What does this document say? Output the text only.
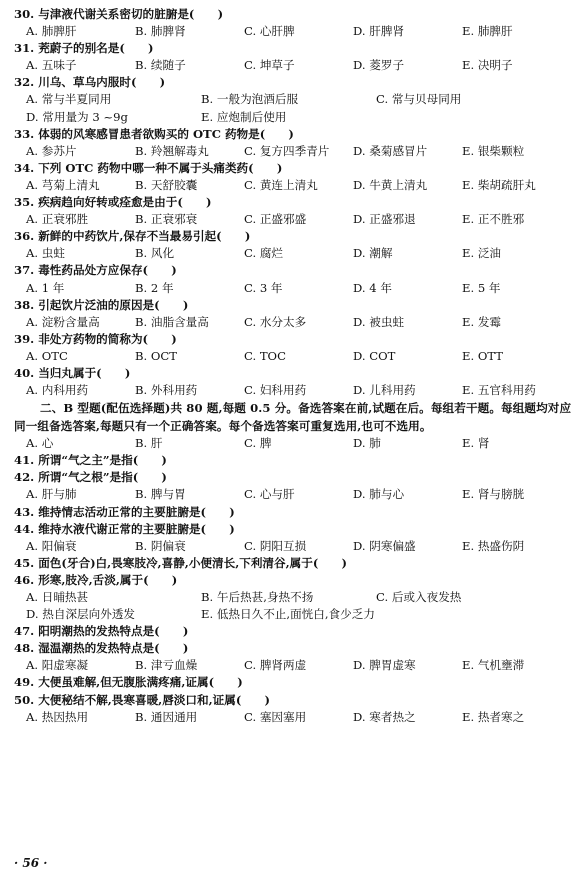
30. 与津液代谢关系密切的脏腑是(　　)
A. 肺脾肝	B. 肺脾肾	C. 心肝脾	D. 肝脾肾	E. 肺脾肝
31. 茺蔚子的别名是(　　)
A. 五味子	B. 续随子	C. 坤草子	D. 菱罗子	E. 决明子
32. 川乌、草乌内服时(　　)
A. 常与半夏同用	B. 一般为泡酒后服	C. 常与贝母同用
D. 常用量为 3 ~9g	E. 应炮制后使用
33. 体弱的风寒感冒患者欲购买的 OTC 药物是(　　)
A. 参苏片	B. 羚翘解毒丸	C. 复方四季青片	D. 桑菊感冒片	E. 银柴颗粒
34. 下列 OTC 药物中哪一种不属于头痛类药(　　)
A. 芎菊上清丸	B. 天舒胶囊	C. 黄连上清丸	D. 牛黄上清丸	E. 柴胡疏肝丸
35. 疾病趋向好转或痊愈是由于(　　)
A. 正衰邪胜	B. 正衰邪衰	C. 正盛邪盛	D. 正盛邪退	E. 正不胜邪
36. 新鲜的中药饮片,保存不当最易引起(　　)
A. 虫蛀	B. 风化	C. 腐烂	D. 潮解	E. 泛油
37. 毒性药品处方应保存(　　)
A. 1 年	B. 2 年	C. 3 年	D. 4 年	E. 5 年
38. 引起饮片泛油的原因是(　　)
A. 淀粉含量高	B. 油脂含量高	C. 水分太多	D. 被虫蛀	E. 发霉
39. 非处方药物的简称为(　　)
A. OTC	B. OCT	C. TOC	D. COT	E. OTT
40. 当归丸属于(　　)
A. 内科用药	B. 外科用药	C. 妇科用药	D. 儿科用药	E. 五官科用药
二、B 型题(配伍选择题)共 80 题,每题 0.5 分。备选答案在前,试题在后。每组若干题。每组题均对应同一组备选答案,每题只有一个正确答案。每个备选答案可重复选用,也可不选用。
A. 心	B. 肝	C. 脾	D. 肺	E. 肾
41. 所谓“气之主”是指(　　)
42. 所谓“气之根”是指(　　)
A. 肝与肺	B. 脾与胃	C. 心与肝	D. 肺与心	E. 肾与膀胱
43. 维持情志活动正常的主要脏腑是(　　)
44. 维持水液代谢正常的主要脏腑是(　　)
A. 阳偏衰	B. 阴偏衰	C. 阴阳互损	D. 阴寒偏盛	E. 热盛伤阴
45. 面色(牙合)白,畏寒肢冷,喜静,小便清长,下利清谷,属于(　　)
46. 形寒,肢冷,舌淡,属于(　　)
A. 日晡热甚	B. 午后热甚,身热不扬	C. 后或入夜发热
D. 热自深层向外透发	E. 低热日久不止,面恍白,食少乏力
47. 阳明潮热的发热特点是(　　)
48. 湿温潮热的发热特点是(　　)
A. 阳虚寒凝	B. 津亏血燥	C. 脾肾两虚	D. 脾胃虚寒	E. 气机壅滞
49. 大便虽难解,但无腹胀满疼痛,证属(　　)
50. 大便秘结不解,畏寒喜暖,唇淡口和,证属(　　)
A. 热因热用	B. 通因通用	C. 塞因塞用	D. 寒者热之	E. 热者寒之
· 56 ·
